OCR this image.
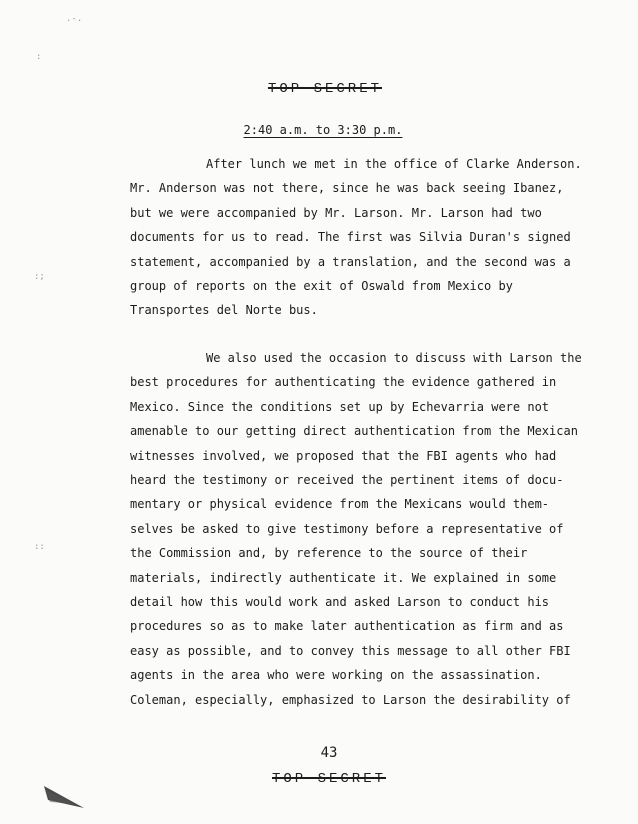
.-.
:
:;
::
TOP SECRET
2:40 a.m. to 3:30 p.m.

After lunch we met in the office of Clarke Anderson.
Mr. Anderson was not there, since he was back seeing Ibanez,
but we were accompanied by Mr. Larson. Mr. Larson had two
documents for us to read. The first was Silvia Duran's signed
statement, accompanied by a translation, and the second was a
group of reports on the exit of Oswald from Mexico by
Transportes del Norte bus.

We also used the occasion to discuss with Larson the
best procedures for authenticating the evidence gathered in
Mexico. Since the conditions set up by Echevarria were not
amenable to our getting direct authentication from the Mexican
witnesses involved, we proposed that the FBI agents who had
heard the testimony or received the pertinent items of docu-
mentary or physical evidence from the Mexicans would them-
selves be asked to give testimony before a representative of
the Commission and, by reference to the source of their
materials, indirectly authenticate it. We explained in some
detail how this would work and asked Larson to conduct his
procedures so as to make later authentication as firm and as
easy as possible, and to convey this message to all other FBI
agents in the area who were working on the assassination.
Coleman, especially, emphasized to Larson the desirability of

43
TOP SECRET
